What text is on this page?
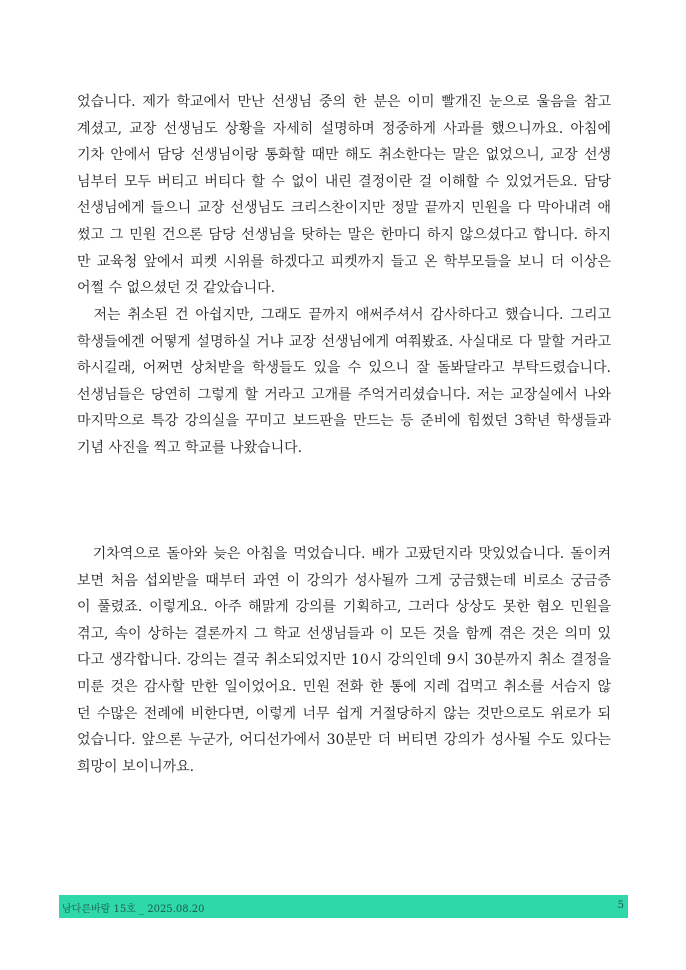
었습니다. 제가 학교에서 만난 선생님 중의 한 분은 이미 빨개진 눈으로 울음을 참고
계셨고, 교장 선생님도 상황을 자세히 설명하며 정중하게 사과를 했으니까요. 아침에
기차 안에서 담당 선생님이랑 통화할 때만 해도 취소한다는 말은 없었으니, 교장 선생
님부터 모두 버티고 버티다 할 수 없이 내린 결정이란 걸 이해할 수 있었거든요. 담당
선생님에게 들으니 교장 선생님도 크리스찬이지만 정말 끝까지 민원을 다 막아내려 애
썼고 그 민원 건으론 담당 선생님을 탓하는 말은 한마디 하지 않으셨다고 합니다. 하지
만 교육청 앞에서 피켓 시위를 하겠다고 피켓까지 들고 온 학부모들을 보니 더 이상은
어쩔 수 없으셨던 것 같았습니다.
　저는 취소된 건 아쉽지만, 그래도 끝까지 애써주셔서 감사하다고 했습니다. 그리고
학생들에겐 어떻게 설명하실 거냐 교장 선생님에게 여쭤봤죠. 사실대로 다 말할 거라고
하시길래, 어쩌면 상처받을 학생들도 있을 수 있으니 잘 돌봐달라고 부탁드렸습니다.
선생님들은 당연히 그렇게 할 거라고 고개를 주억거리셨습니다. 저는 교장실에서 나와
마지막으로 특강 강의실을 꾸미고 보드판을 만드는 등 준비에 힘썼던 3학년 학생들과
기념 사진을 찍고 학교를 나왔습니다.
　기차역으로 돌아와 늦은 아침을 먹었습니다. 배가 고팠던지라 맛있었습니다. 돌이켜
보면 처음 섭외받을 때부터 과연 이 강의가 성사될까 그게 궁금했는데 비로소 궁금증
이 풀렸죠. 이렇게요. 아주 해맑게 강의를 기획하고, 그러다 상상도 못한 혐오 민원을
겪고, 속이 상하는 결론까지 그 학교 선생님들과 이 모든 것을 함께 겪은 것은 의미 있
다고 생각합니다. 강의는 결국 취소되었지만 10시 강의인데 9시 30분까지 취소 결정을
미룬 것은 감사할 만한 일이었어요. 민원 전화 한 통에 지레 겁먹고 취소를 서슴지 않
던 수많은 전례에 비한다면, 이렇게 너무 쉽게 거절당하지 않는 것만으로도 위로가 되
었습니다. 앞으론 누군가, 어디선가에서 30분만 더 버티면 강의가 성사될 수도 있다는
희망이 보이니까요.
남다른바람 15호 _ 2025.08.20	5
